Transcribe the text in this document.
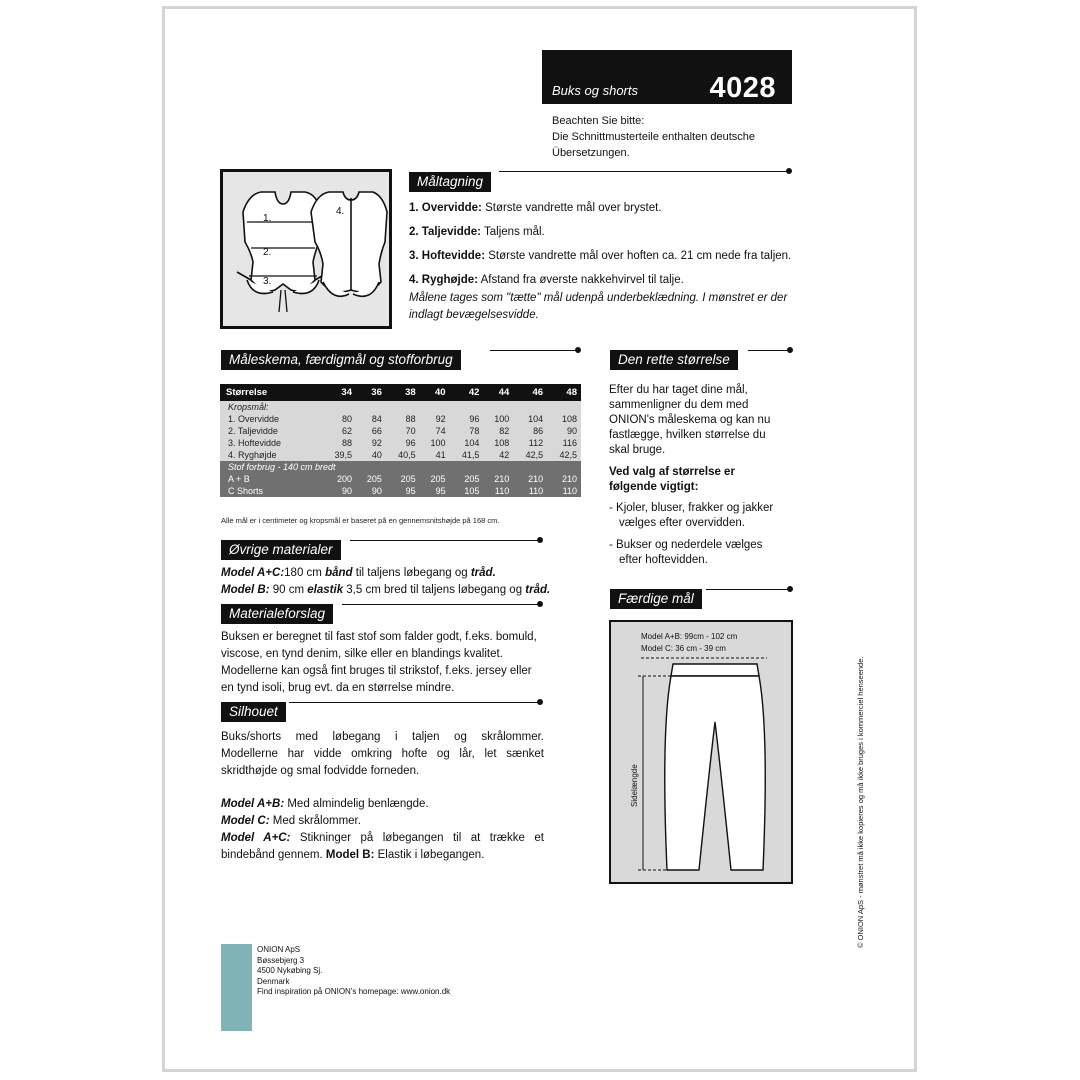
Buks og shorts 4028
Beachten Sie bitte:
Die Schnittmusterteile enthalten deutsche
Übersetzungen.
Måltagning
1.
2.
3.
4.	1. Overvidde: Største vandrette mål over brystet.

2. Taljevidde: Taljens mål.

3. Hoftevidde: Største vandrette mål over hoften ca. 21 cm nede fra taljen.

4. Ryghøjde: Afstand fra øverste nakkehvirvel til talje.

Målene tages som "tætte" mål udenpå underbeklædning. I mønstret er der indlagt bevægelsesvidde.
Måleskema, færdigmål og stofforbrug
Størrelse	34	36	38	40	42	44	46	48
Kropsmål:								
1. Overvidde	80	84	88	92	96	100	104	108
2. Taljevidde	62	66	70	74	78	82	86	90
3. Hoftevidde	88	92	96	100	104	108	112	116
4. Ryghøjde	39,5	40	40,5	41	41,5	42	42,5	42,5
Stof forbrug - 140 cm bredt								
A + B	200	205	205	205	205	210	210	210
C Shorts	90	90	95	95	105	110	110	110
Alle mål er i centimeter og kropsmål er baseret på en gennemsnitshøjde på 168 cm.
Øvrige materialer
Model A+C:180 cm bånd til taljens løbegang og tråd.
Model B: 90 cm elastik 3,5 cm bred til taljens løbegang og tråd.
Materialeforslag
Buksen er beregnet til fast stof som falder godt, f.eks. bomuld,
viscose, en tynd denim, silke eller en blandings kvalitet.
Modellerne kan også fint bruges til strikstof, f.eks. jersey eller
en tynd isoli, brug evt. da en størrelse mindre.
Silhouet
Buks/shorts med løbegang i taljen og skrålommer.
Modellerne har vidde omkring hofte og lår, let sænket
skridthøjde og smal fodvidde forneden.
Model A+B: Med almindelig benlængde.
Model C: Med skrålommer.
Model A+C: Stikninger på løbegangen til at trække et
bindebånd gennem. Model B: Elastik i løbegangen.
Den rette størrelse
Efter du har taget dine mål,
sammenligner du dem med
ONION's måleskema og kan nu
fastlægge, hvilken størrelse du
skal bruge.
Ved valg af størrelse er
følgende vigtigt:
- Kjoler, bluser, frakker og jakker
vælges efter overvidden.
- Bukser og nederdele vælges
efter hoftevidden.
Færdige mål
Model A+B: 99cm - 102 cm
Model C: 36 cm - 39 cm
Sidelængde
ONION ApS
Bøssebjerg 3
4500 Nykøbing Sj.
Denmark
Find inspiration på ONION's homepage: www.onion.dk
© ONION ApS - mønstret må ikke kopieres og må ikke bruges i kommerciel henseende.
